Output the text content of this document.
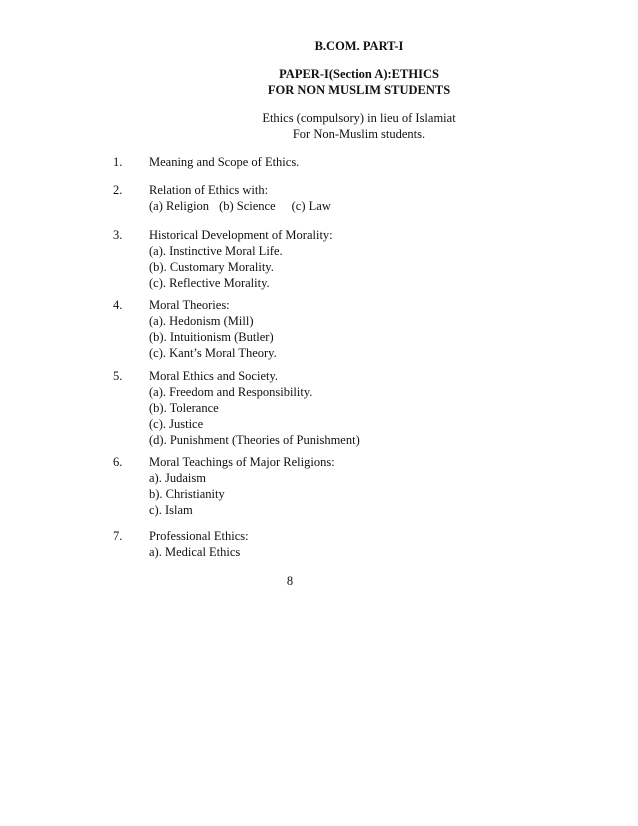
B.COM. PART-I
PAPER-I(Section A):ETHICS
FOR NON MUSLIM STUDENTS
Ethics (compulsory) in lieu of Islamiat
For Non-Muslim students.
1.	Meaning and Scope of Ethics.
2.	Relation of Ethics with:
(a) Religion (b) Science (c) Law
3.	Historical Development of Morality:
(a). Instinctive Moral Life.
(b). Customary Morality.
(c). Reflective Morality.
4.	Moral Theories:
(a). Hedonism (Mill)
(b). Intuitionism (Butler)
(c). Kant’s Moral Theory.
5.	Moral Ethics and Society.
(a). Freedom and Responsibility.
(b). Tolerance
(c). Justice
(d). Punishment (Theories of Punishment)
6.	Moral Teachings of Major Religions:
a). Judaism
b). Christianity
c). Islam
7.	Professional Ethics:
a). Medical Ethics
8
